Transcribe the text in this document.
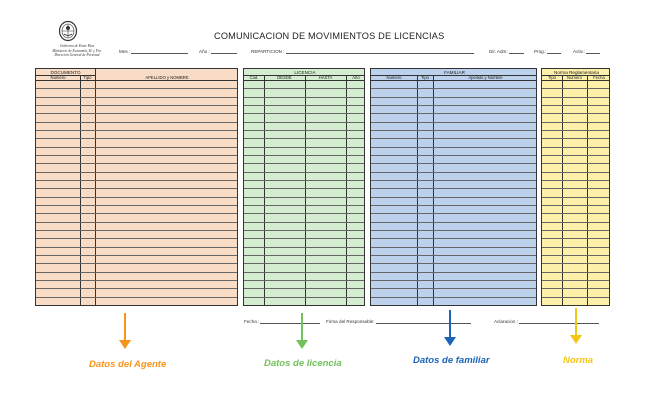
Gobierno de Entre Ríos
Ministerio de Economía, H. y Fin.
Dirección General de Personal
COMUNICACION DE MOVIMIENTOS DE LICENCIAS
Mes :	Año :	REPARTICION :	Dir. Adm:	Prog.:	Activ.:
DOCUMENTO
Numero	Tipo	APELLIDO y NOMBRE
LICENCIA
Cod.	DESDE	HASTA	Año
FAMILIAR
Numero	Tipo	Apellido y Nombre
Norma Reglamentaria
Tipo	Numero	Fecha
Fecha :	Firma del Responsable:	Aclaracion :
Datos del Agente	Datos de licencia	Datos de familiar	Norma
